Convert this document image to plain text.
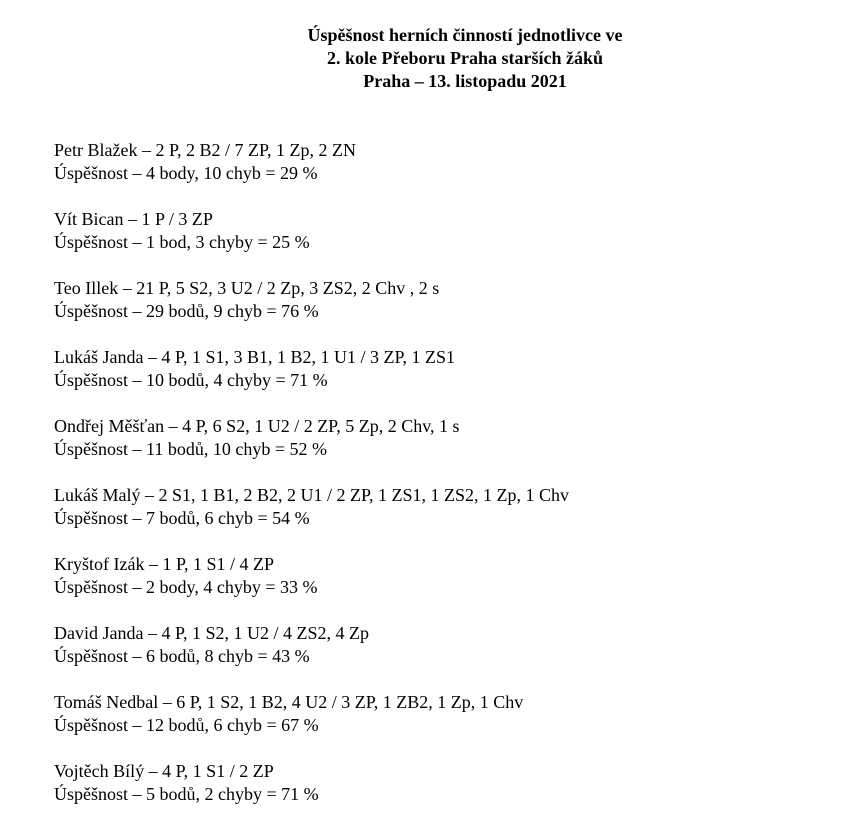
Úspěšnost herních činností jednotlivce ve
2. kole Přeboru Praha starších žáků
Praha – 13. listopadu 2021
Petr Blažek – 2 P, 2 B2 / 7 ZP, 1 Zp, 2 ZN
Úspěšnost – 4 body, 10 chyb = 29 %
Vít Bican – 1 P / 3 ZP
Úspěšnost – 1 bod, 3 chyby = 25 %
Teo Illek – 21 P, 5 S2, 3 U2 / 2 Zp, 3 ZS2, 2 Chv , 2 s
Úspěšnost – 29 bodů, 9 chyb = 76 %
Lukáš Janda – 4 P, 1 S1, 3 B1, 1 B2, 1 U1 / 3 ZP, 1 ZS1
Úspěšnost – 10 bodů, 4 chyby = 71 %
Ondřej Měšťan – 4 P, 6 S2, 1 U2 / 2 ZP, 5 Zp, 2 Chv, 1 s
Úspěšnost – 11 bodů, 10 chyb = 52 %
Lukáš Malý – 2 S1, 1 B1, 2 B2, 2 U1 / 2 ZP, 1 ZS1, 1 ZS2, 1 Zp, 1 Chv
Úspěšnost – 7 bodů, 6 chyb = 54 %
Kryštof Izák – 1 P, 1 S1 / 4 ZP
Úspěšnost – 2 body, 4 chyby = 33 %
David Janda – 4 P, 1 S2, 1 U2 / 4 ZS2, 4 Zp
Úspěšnost – 6 bodů, 8 chyb = 43 %
Tomáš Nedbal – 6 P, 1 S2, 1 B2, 4 U2 / 3 ZP, 1 ZB2, 1 Zp, 1 Chv
Úspěšnost – 12 bodů, 6 chyb = 67 %
Vojtěch Bílý – 4 P, 1 S1 / 2 ZP
Úspěšnost – 5 bodů, 2 chyby = 71 %
